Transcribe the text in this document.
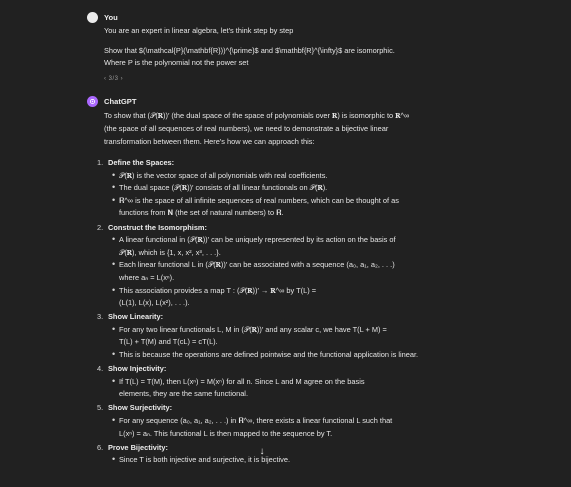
You
You are an expert in linear algebra, let's think step by step
Show that $(\mathcal{P}(\mathbf{R}))^{\prime}$ and $\mathbf{R}^{\infty}$ are isomorphic.
Where P is the polynomial not the power set
‹ 3/3 ›
ChatGPT
To show that (𝒫(𝐑))′ (the dual space of the space of polynomials over 𝐑) is isomorphic to 𝐑^∞
(the space of all sequences of real numbers), we need to demonstrate a bijective linear
transformation between them. Here's how we can approach this:
1. Define the Spaces:
• 𝒫(𝐑) is the vector space of all polynomials with real coefficients.
• The dual space (𝒫(𝐑))′ consists of all linear functionals on 𝒫(𝐑).
• 𝐑^∞ is the space of all infinite sequences of real numbers, which can be thought of as
functions from 𝐍 (the set of natural numbers) to 𝐑.
2. Construct the Isomorphism:
• A linear functional in (𝒫(𝐑))′ can be uniquely represented by its action on the basis of
𝒫(𝐑), which is {1, x, x², x³, . . .}.
• Each linear functional L in (𝒫(𝐑))′ can be associated with a sequence (a₀, a₁, a₂, . . .)
where aₙ = L(xⁿ).
• This association provides a map T : (𝒫(𝐑))′ → 𝐑^∞ by T(L) =
(L(1), L(x), L(x²), . . .).
3. Show Linearity:
• For any two linear functionals L, M in (𝒫(𝐑))′ and any scalar c, we have T(L + M) =
T(L) + T(M) and T(cL) = cT(L).
• This is because the operations are defined pointwise and the functional application is linear.
4. Show Injectivity:
• If T(L) = T(M), then L(xⁿ) = M(xⁿ) for all n. Since L and M agree on the basis
elements, they are the same functional.
5. Show Surjectivity:
• For any sequence (a₀, a₁, a₂, . . .) in 𝐑^∞, there exists a linear functional L such that
L(xⁿ) = aₙ. This functional L is then mapped to the sequence by T.
6. Prove Bijectivity:
• Since T is both injective and surjective, it is bijective.
↓
